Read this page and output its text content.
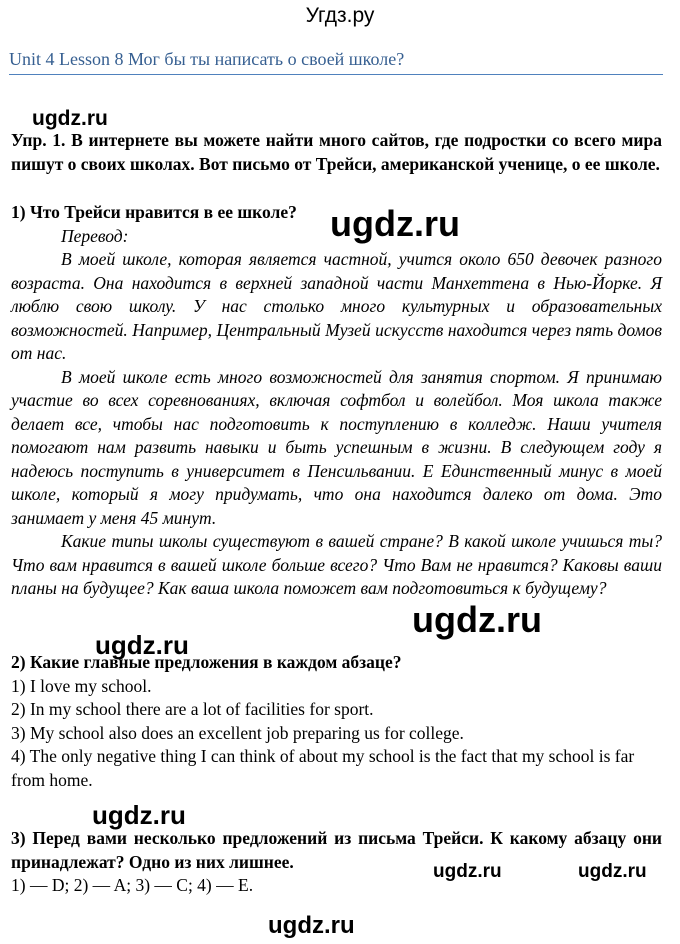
Угдз.ру
Unit 4 Lesson 8 Мог бы ты написать о своей школе?
ugdz.ru

Упр. 1. В интернете вы можете найти много сайтов, где подростки со всего мира пишут о своих школах. Вот письмо от Трейси, американской ученице, о ее школе.

1) Что Трейси нравится в ее школе?

Перевод:

В моей школе, которая является частной, учится около 650 девочек разного возраста. Она находится в верхней западной части Манхеттена в Нью-Йорке. Я люблю свою школу. У нас столько много культурных и образовательных возможностей. Например, Центральный Музей искусств находится через пять домов от нас.

В моей школе есть много возможностей для занятия спортом. Я принимаю участие во всех соревнованиях, включая софтбол и волейбол. Моя школа также делает все, чтобы нас подготовить к поступлению в колледж. Наши учителя помогают нам развить навыки и быть успешным в жизни. В следующем году я надеюсь поступить в университет в Пенсильвании. Е Единственный минус в моей школе, который я могу придумать, что она находится далеко от дома. Это занимает у меня 45 минут.

Какие типы школы существуют в вашей стране? В какой школе учишься ты? Что вам нравится в вашей школе больше всего? Что Вам не нравится? Каковы ваши планы на будущее? Как ваша школа поможет вам подготовиться к будущему?

ugdz.ru
ugdz.ru
ugdz.ru

2) Какие главные предложения в каждом абзаце?

1) I love my school.

2) In my school there are a lot of facilities for sport.

3) My school also does an excellent job preparing us for college.

4) The only negative thing I can think of about my school is the fact that my school is far from home.

ugdz.ru

3) Перед вами несколько предложений из письма Трейси. К какому абзацу они принадлежат? Одно из них лишнее.

1) — D; 2) — A; 3) — C; 4) — E.

ugdz.ru	ugdz.ru
ugdz.ru
